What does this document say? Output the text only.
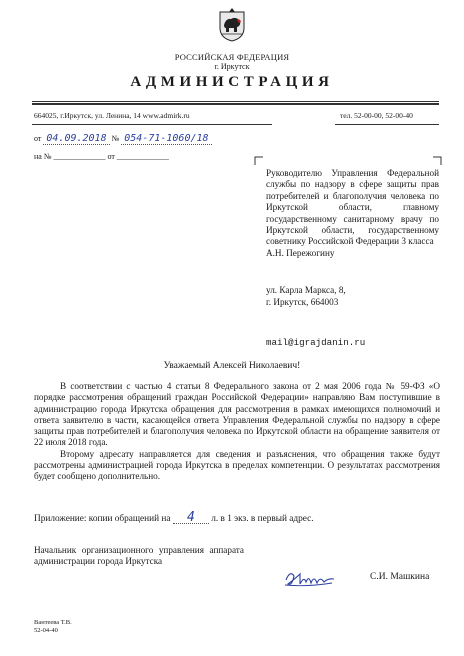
РОССИЙСКАЯ ФЕДЕРАЦИЯ
г. Иркутск
АДМИНИСТРАЦИЯ
664025, г.Иркутск, ул. Ленина, 14 www.admirk.ru	тел. 52-00-00, 52-00-40
от 04.09.2018 № 054-71-1060/18
на № _____________ от _____________
Руководителю Управления Федеральной службы по надзору в сфере защиты прав потребителей и благополучия человека по Иркутской области, главному государственному санитарному врачу по Иркутской области, государственному советнику Российской Федерации 3 класса
А.Н. Пережогину
ул. Карла Маркса, 8,
г. Иркутск, 664003
mail@igrajdanin.ru
Уважаемый Алексей Николаевич!

В соответствии с частью 4 статьи 8 Федерального закона от 2 мая 2006 года № 59-ФЗ «О порядке рассмотрения обращений граждан Российской Федерации» направляю Вам поступившие в администрацию города Иркутска обращения для рассмотрения в рамках имеющихся полномочий и ответа заявителю в части, касающейся ответа Управления Федеральной службы по надзору в сфере защиты прав потребителей и благополучия человека по Иркутской области на обращение заявителя от 22 июля 2018 года.

Второму адресату направляется для сведения и разъяснения, что обращения также будут рассмотрены администрацией города Иркутска в пределах компетенции. О результатах рассмотрения будет сообщено дополнительно.

Приложение: копии обращений на 4 л. в 1 экз. в первый адрес.
Начальник организационного управления аппарата администрации города Иркутска
С.И. Машкина
Вантеева Т.В.
52-04-40
